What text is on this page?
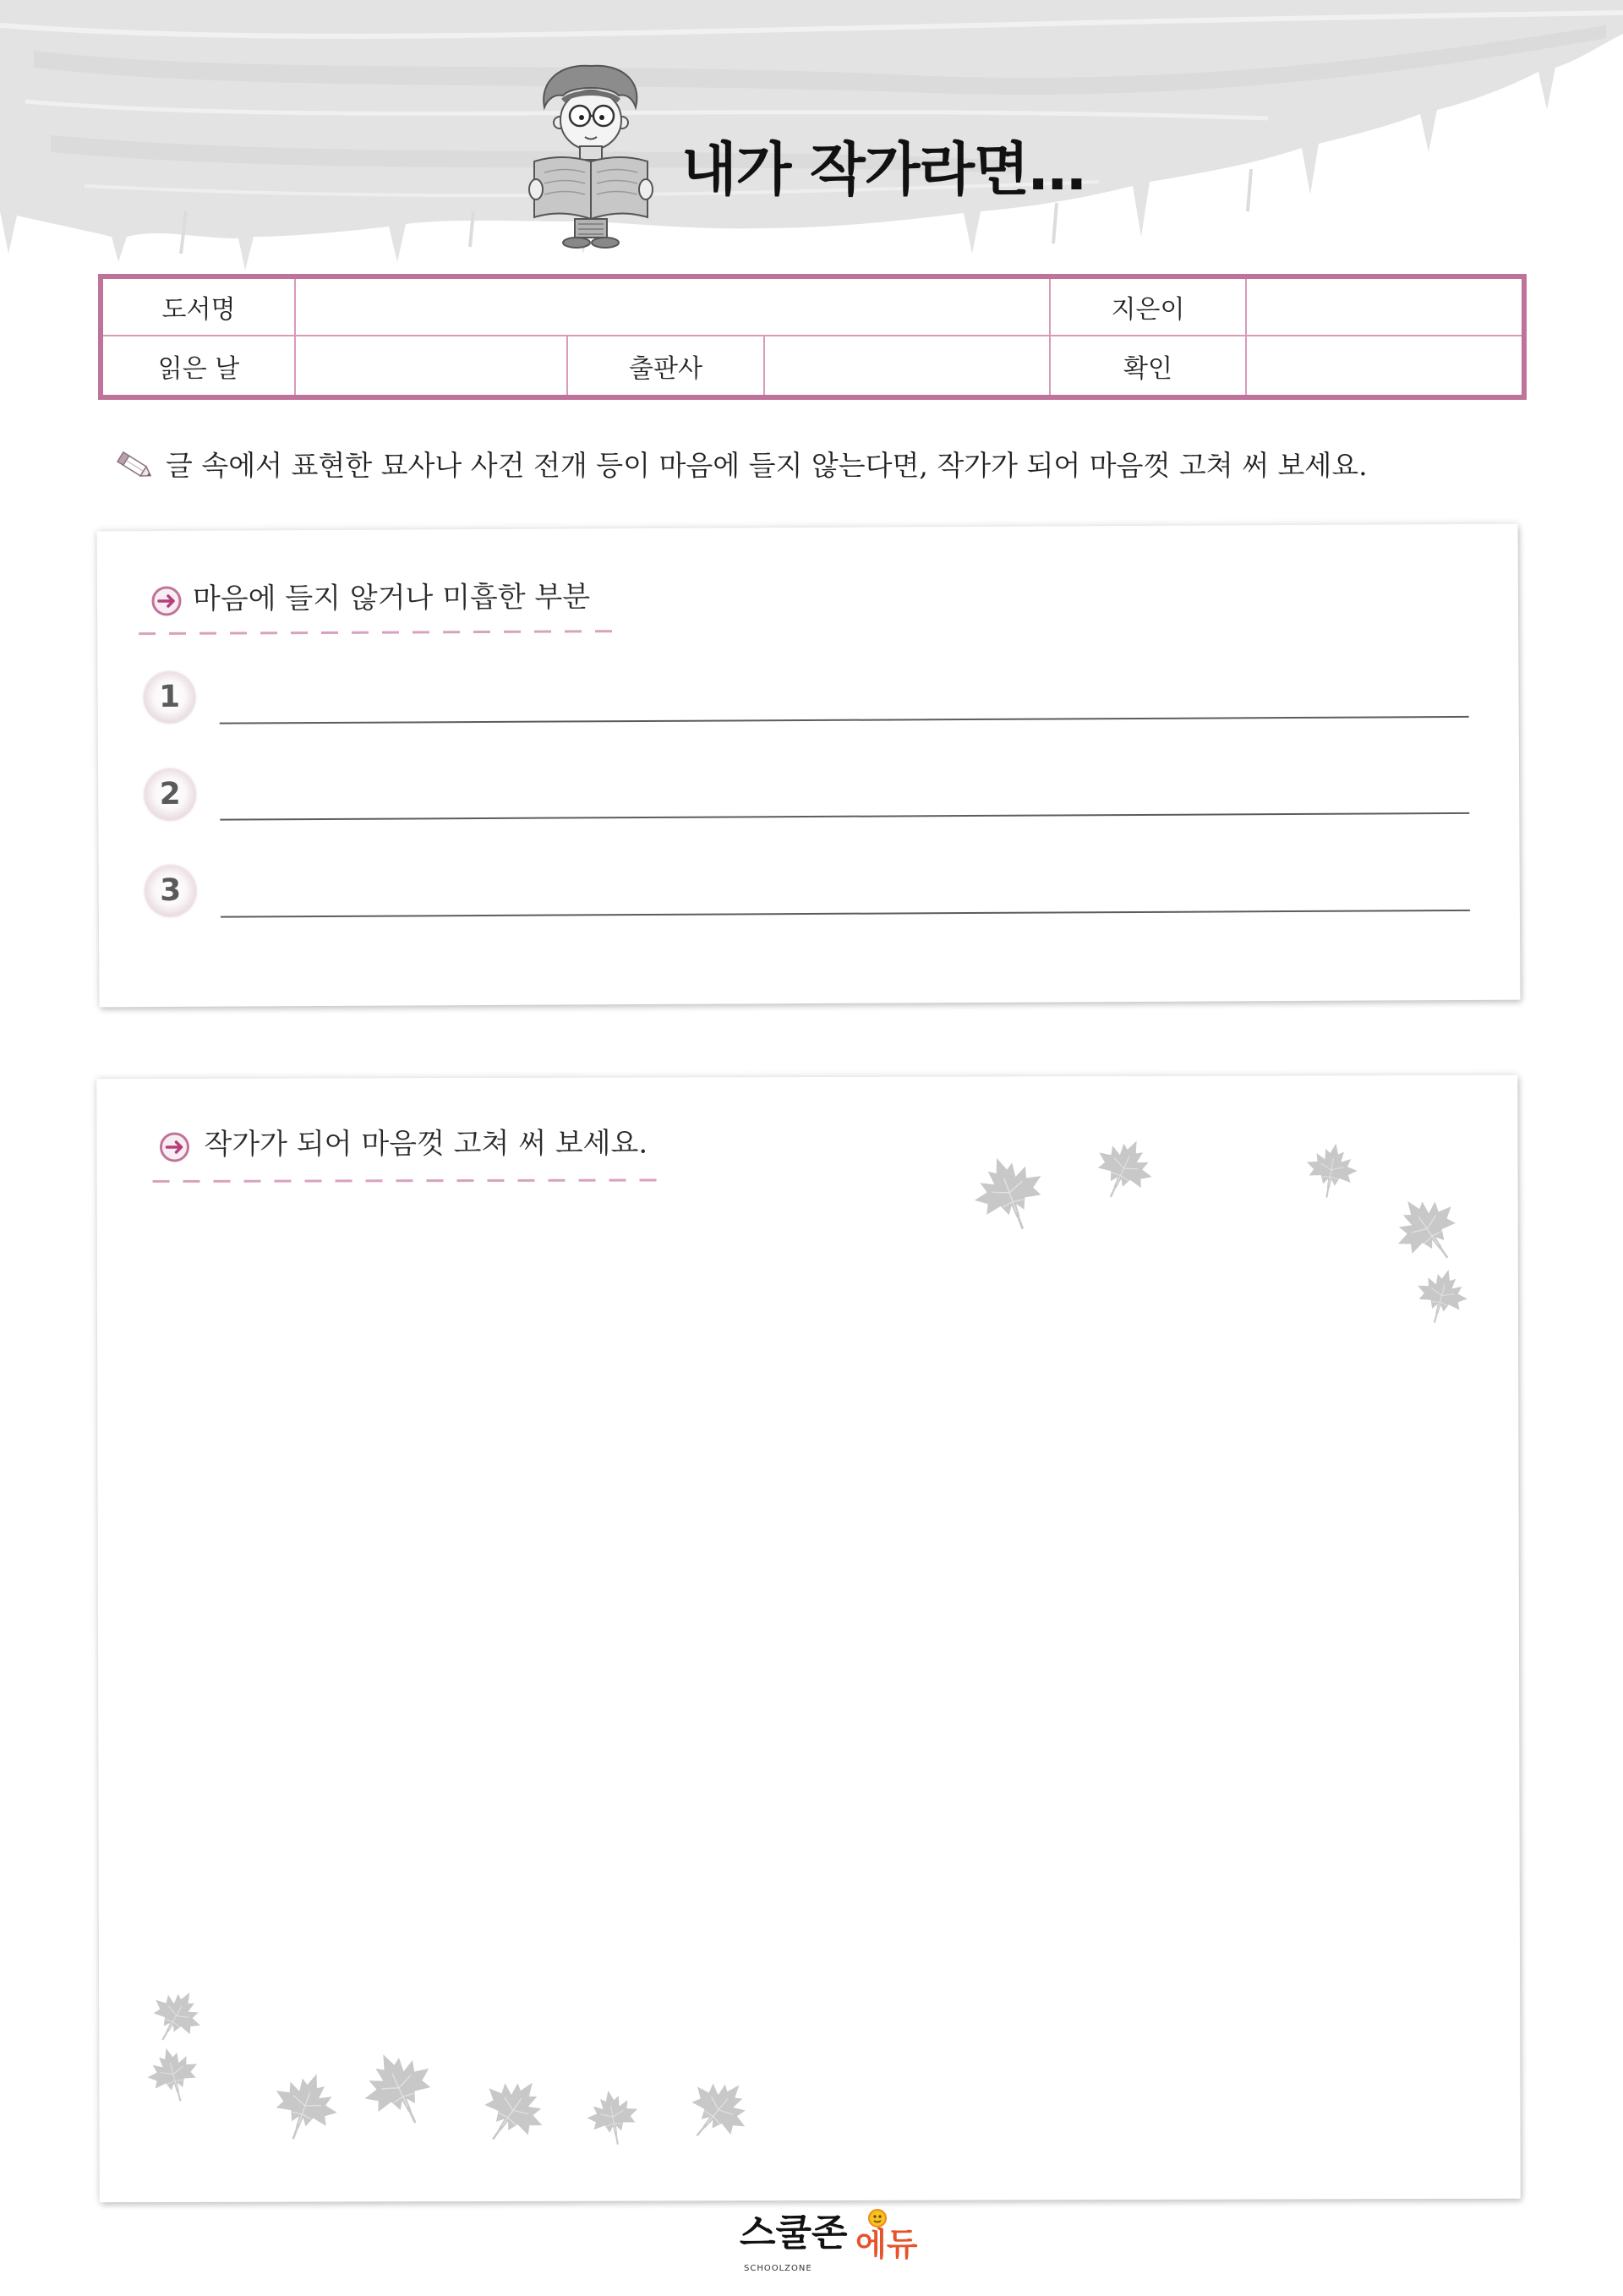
내가 작가라면…
도서명	지은이
읽은 날	출판사	확인
글 속에서 표현한 묘사나 사건 전개 등이 마음에 들지 않는다면, 작가가 되어 마음껏 고쳐 써 보세요.
마음에 들지 않거나 미흡한 부분
1
2
3
작가가 되어 마음껏 고쳐 써 보세요.
스쿨존 에듀
SCHOOLZONE
